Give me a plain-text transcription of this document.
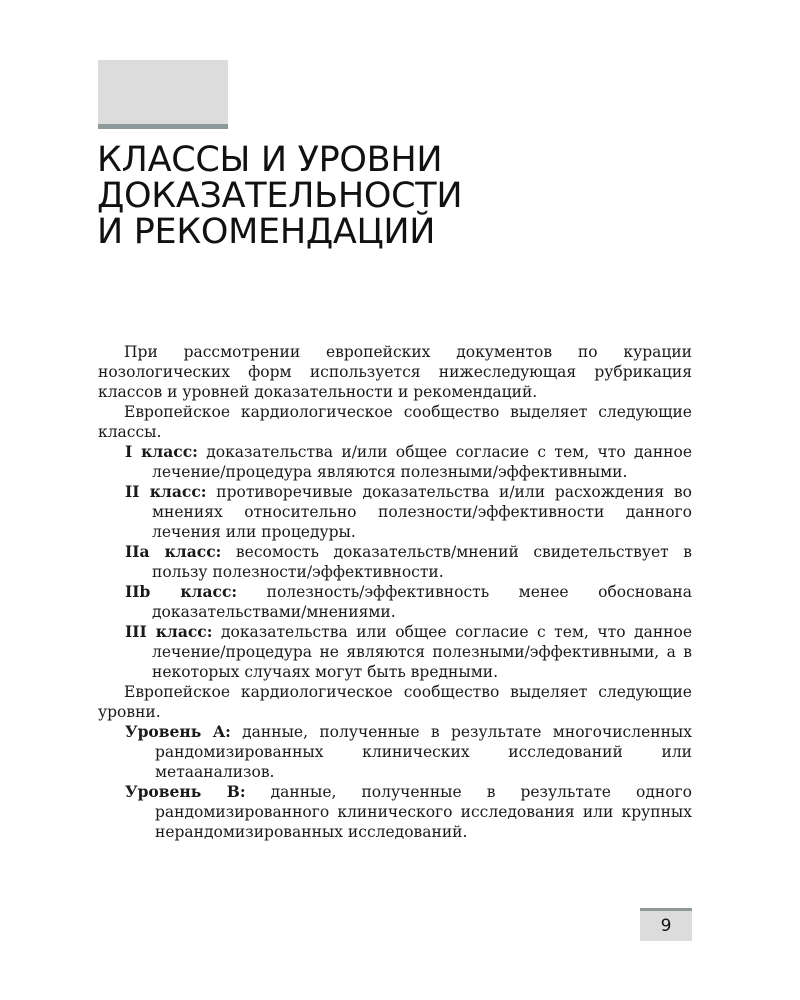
КЛАССЫ И УРОВНИ
ДОКАЗАТЕЛЬНОСТИ
И РЕКОМЕНДАЦИЙ

При рассмотрении европейских документов по курации нозологических форм используется нижеследующая рубрикация классов и уровней доказательности и рекомендаций.

Европейское кардиологическое сообщество выделяет следующие классы.

I класс: доказательства и/или общее согласие с тем, что данное лечение/процедура являются полезными/эффективными.

II класс: противоречивые доказательства и/или расхождения во мнениях относительно полезности/эффективности данного лечения или процедуры.

IIa класс: весомость доказательств/мнений свидетельствует в пользу полезности/эффективности.

IIb класс: полезность/эффективность менее обоснована доказательствами/мнениями.

III класс: доказательства или общее согласие с тем, что данное лечение/процедура не являются полезными/эффективными, а в некоторых случаях могут быть вредными.

Европейское кардиологическое сообщество выделяет следующие уровни.

Уровень A: данные, полученные в результате многочисленных рандомизированных клинических исследований или метаанализов.

Уровень B: данные, полученные в результате одного рандомизированного клинического исследования или крупных нерандомизированных исследований.

9
